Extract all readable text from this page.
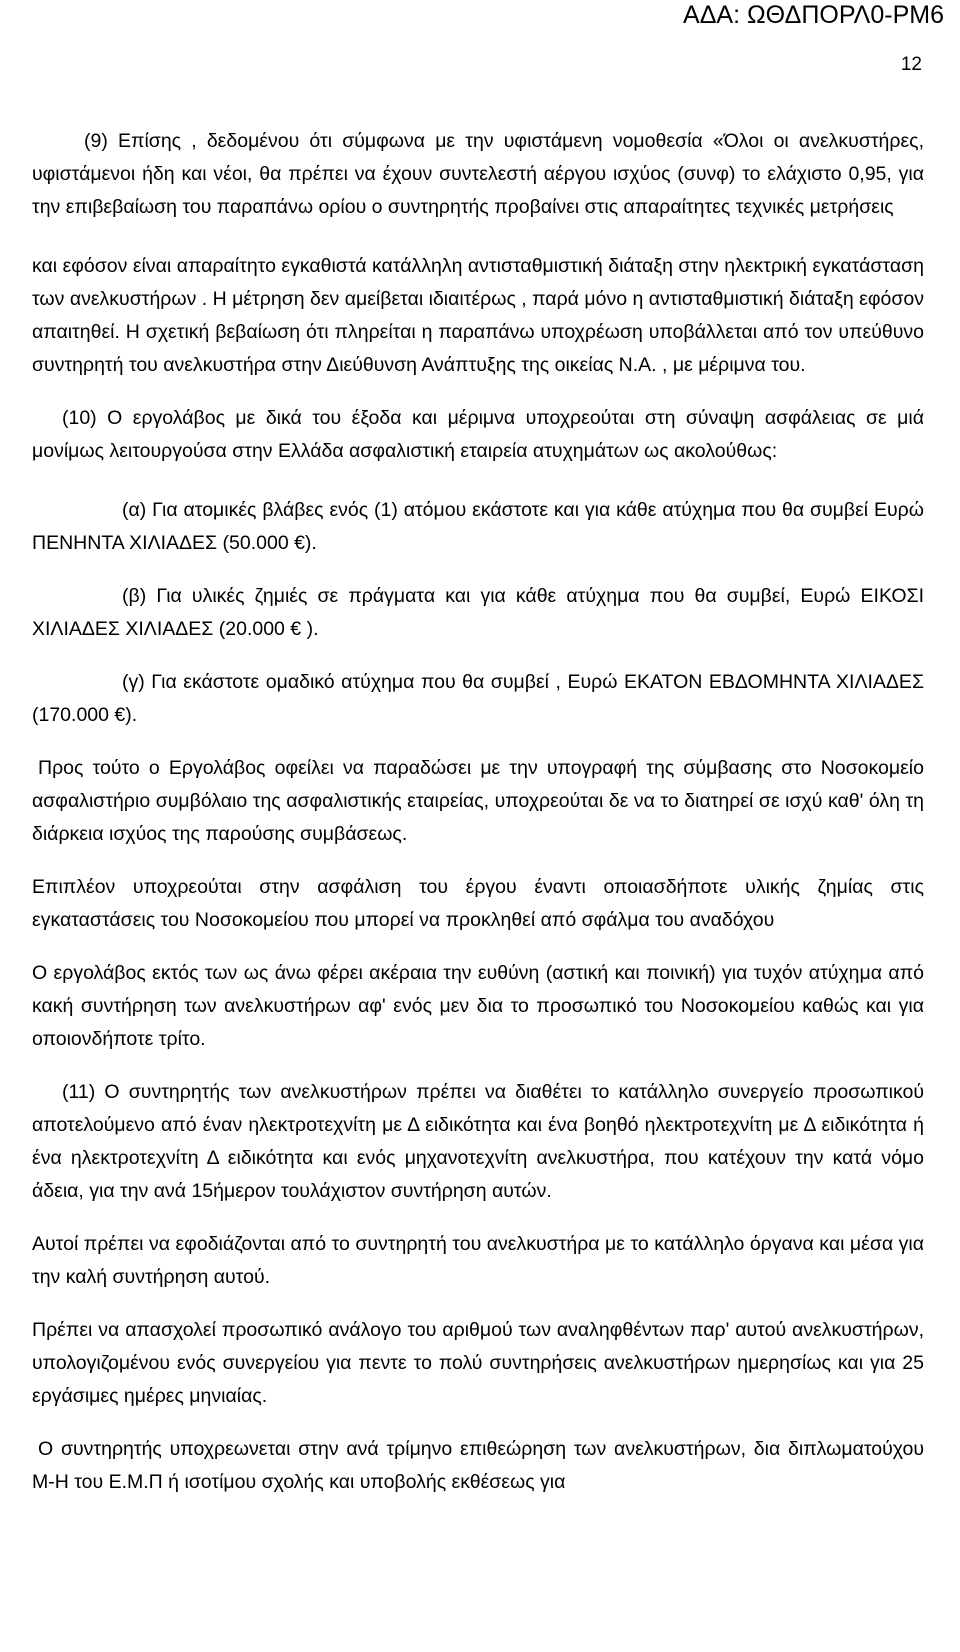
ΑΔΑ: ΩΘΔΠΟΡΛ0-ΡΜ6
12

(9) Επίσης , δεδομένου ότι σύμφωνα με την υφιστάμενη νομοθεσία «Όλοι οι ανελκυστήρες, υφιστάμενοι ήδη και νέοι, θα πρέπει να έχουν συντελεστή αέργου ισχύος (συνφ) το ελάχιστο 0,95, για την επιβεβαίωση του παραπάνω ορίου ο συντηρητής προβαίνει στις απαραίτητες τεχνικές μετρήσεις

και εφόσον είναι απαραίτητο εγκαθιστά κατάλληλη αντισταθμιστική διάταξη στην ηλεκτρική εγκατάσταση των ανελκυστήρων . Η μέτρηση δεν αμείβεται ιδιαιτέρως , παρά μόνο η αντισταθμιστική διάταξη εφόσον απαιτηθεί. Η σχετική βεβαίωση ότι πληρείται η παραπάνω υποχρέωση υποβάλλεται από τον υπεύθυνο συντηρητή του ανελκυστήρα στην Διεύθυνση Ανάπτυξης της οικείας Ν.Α. , με μέριμνα του.

(10) Ο εργολάβος με δικά του έξοδα και μέριμνα υποχρεούται στη σύναψη ασφάλειας σε μιά μονίμως λειτουργούσα στην Ελλάδα ασφαλιστική εταιρεία ατυχημάτων ως ακολούθως:

(α) Για ατομικές βλάβες ενός (1) ατόμου εκάστοτε και για κάθε ατύχημα που θα συμβεί Ευρώ ΠΕΝΗΝΤΑ ΧΙΛΙΑΔΕΣ (50.000 €).

(β) Για υλικές ζημιές σε πράγματα και για κάθε ατύχημα που θα συμβεί, Ευρώ ΕΙΚΟΣΙ ΧΙΛΙΑΔΕΣ ΧΙΛΙΑΔΕΣ (20.000 € ).

(γ) Για εκάστοτε ομαδικό ατύχημα που θα συμβεί , Ευρώ ΕΚΑΤΟΝ ΕΒΔΟΜΗΝΤΑ ΧΙΛΙΑΔΕΣ (170.000 €).

Προς τούτο ο Εργολάβος οφείλει να παραδώσει με την υπογραφή της σύμβασης στο Νοσοκομείο ασφαλιστήριο συμβόλαιο της ασφαλιστικής εταιρείας, υποχρεούται δε να το διατηρεί σε ισχύ καθ' όλη τη διάρκεια ισχύος της παρούσης συμβάσεως.

Επιπλέον υποχρεούται στην ασφάλιση του έργου έναντι οποιασδήποτε υλικής ζημίας στις εγκαταστάσεις του Νοσοκομείου που μπορεί να προκληθεί από σφάλμα του αναδόχου

Ο εργολάβος εκτός των ως άνω φέρει ακέραια την ευθύνη (αστική και ποινική) για τυχόν ατύχημα από κακή συντήρηση των ανελκυστήρων αφ' ενός μεν δια το προσωπικό του Νοσοκομείου καθώς και για οποιονδήποτε τρίτο.

(11) Ο συντηρητής των ανελκυστήρων πρέπει να διαθέτει το κατάλληλο συνεργείο προσωπικού αποτελούμενο από έναν ηλεκτροτεχνίτη με Δ ειδικότητα και ένα βοηθό ηλεκτροτεχνίτη με Δ ειδικότητα ή ένα ηλεκτροτεχνίτη Δ ειδικότητα και ενός μηχανοτεχνίτη ανελκυστήρα, που κατέχουν την κατά νόμο άδεια, για την ανά 15ήμερον τουλάχιστον συντήρηση αυτών.

Αυτοί πρέπει να εφοδιάζονται από το συντηρητή του ανελκυστήρα με το κατάλληλο όργανα και μέσα για την καλή συντήρηση αυτού.

Πρέπει να απασχολεί προσωπικό ανάλογο του αριθμού των αναληφθέντων παρ' αυτού ανελκυστήρων, υπολογιζομένου ενός συνεργείου για πεντε το πολύ συντηρήσεις ανελκυστήρων ημερησίως και για 25 εργάσιμες ημέρες μηνιαίας.

Ο συντηρητής υποχρεωνεται στην ανά τρίμηνο επιθεώρηση των ανελκυστήρων, δια διπλωματούχου Μ-Η του Ε.Μ.Π ή ισοτίμου σχολής και υποβολής εκθέσεως για
